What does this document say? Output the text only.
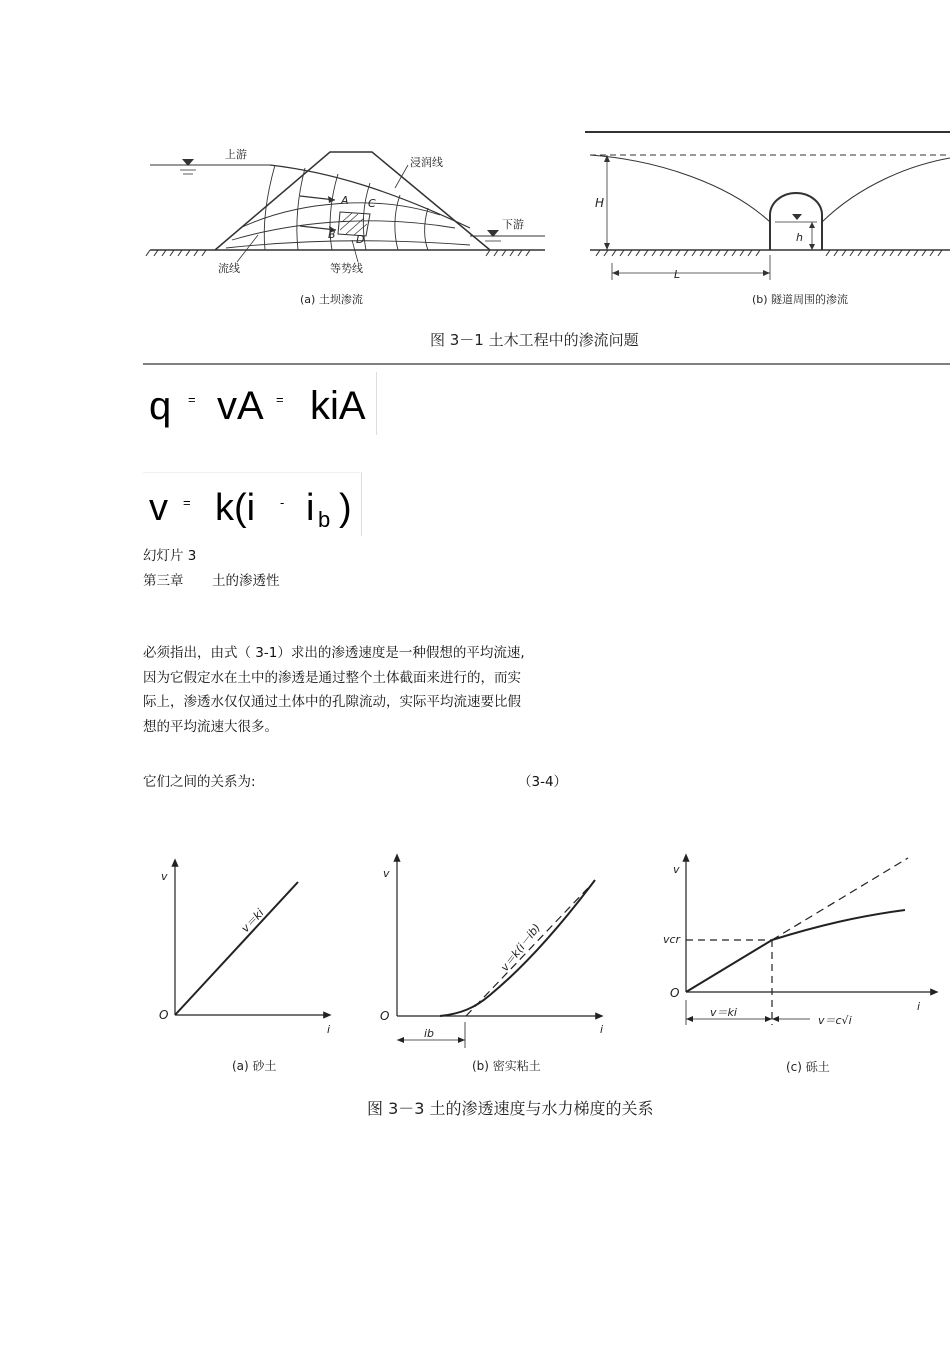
上游
浸润线
下游
流线	等势线
A C
B D
(a) 土坝渗流
H
h
L
(b) 隧道周围的渗流
图 3－1 土木工程中的渗流问题
q = vA = kiA
v = k(i - i b )
幻灯片 3
第三章 土的渗透性
必须指出，由式（ 3-1）求出的渗透速度是一种假想的平均流速,
因为它假定水在土中的渗透是通过整个土体截面来进行的，而实
际上，渗透水仅仅通过土体中的孔隙流动，实际平均流速要比假
想的平均流速大很多。
它们之间的关系为:	（3-4）
v
O
i
v＝ki
(a) 砂土
v
O
i
v＝k(i－ib)
ib
(b) 密实粘土
v
vcr
O
i
v＝ki
v＝c√i
(c) 砾土
图 3－3 土的渗透速度与水力梯度的关系
